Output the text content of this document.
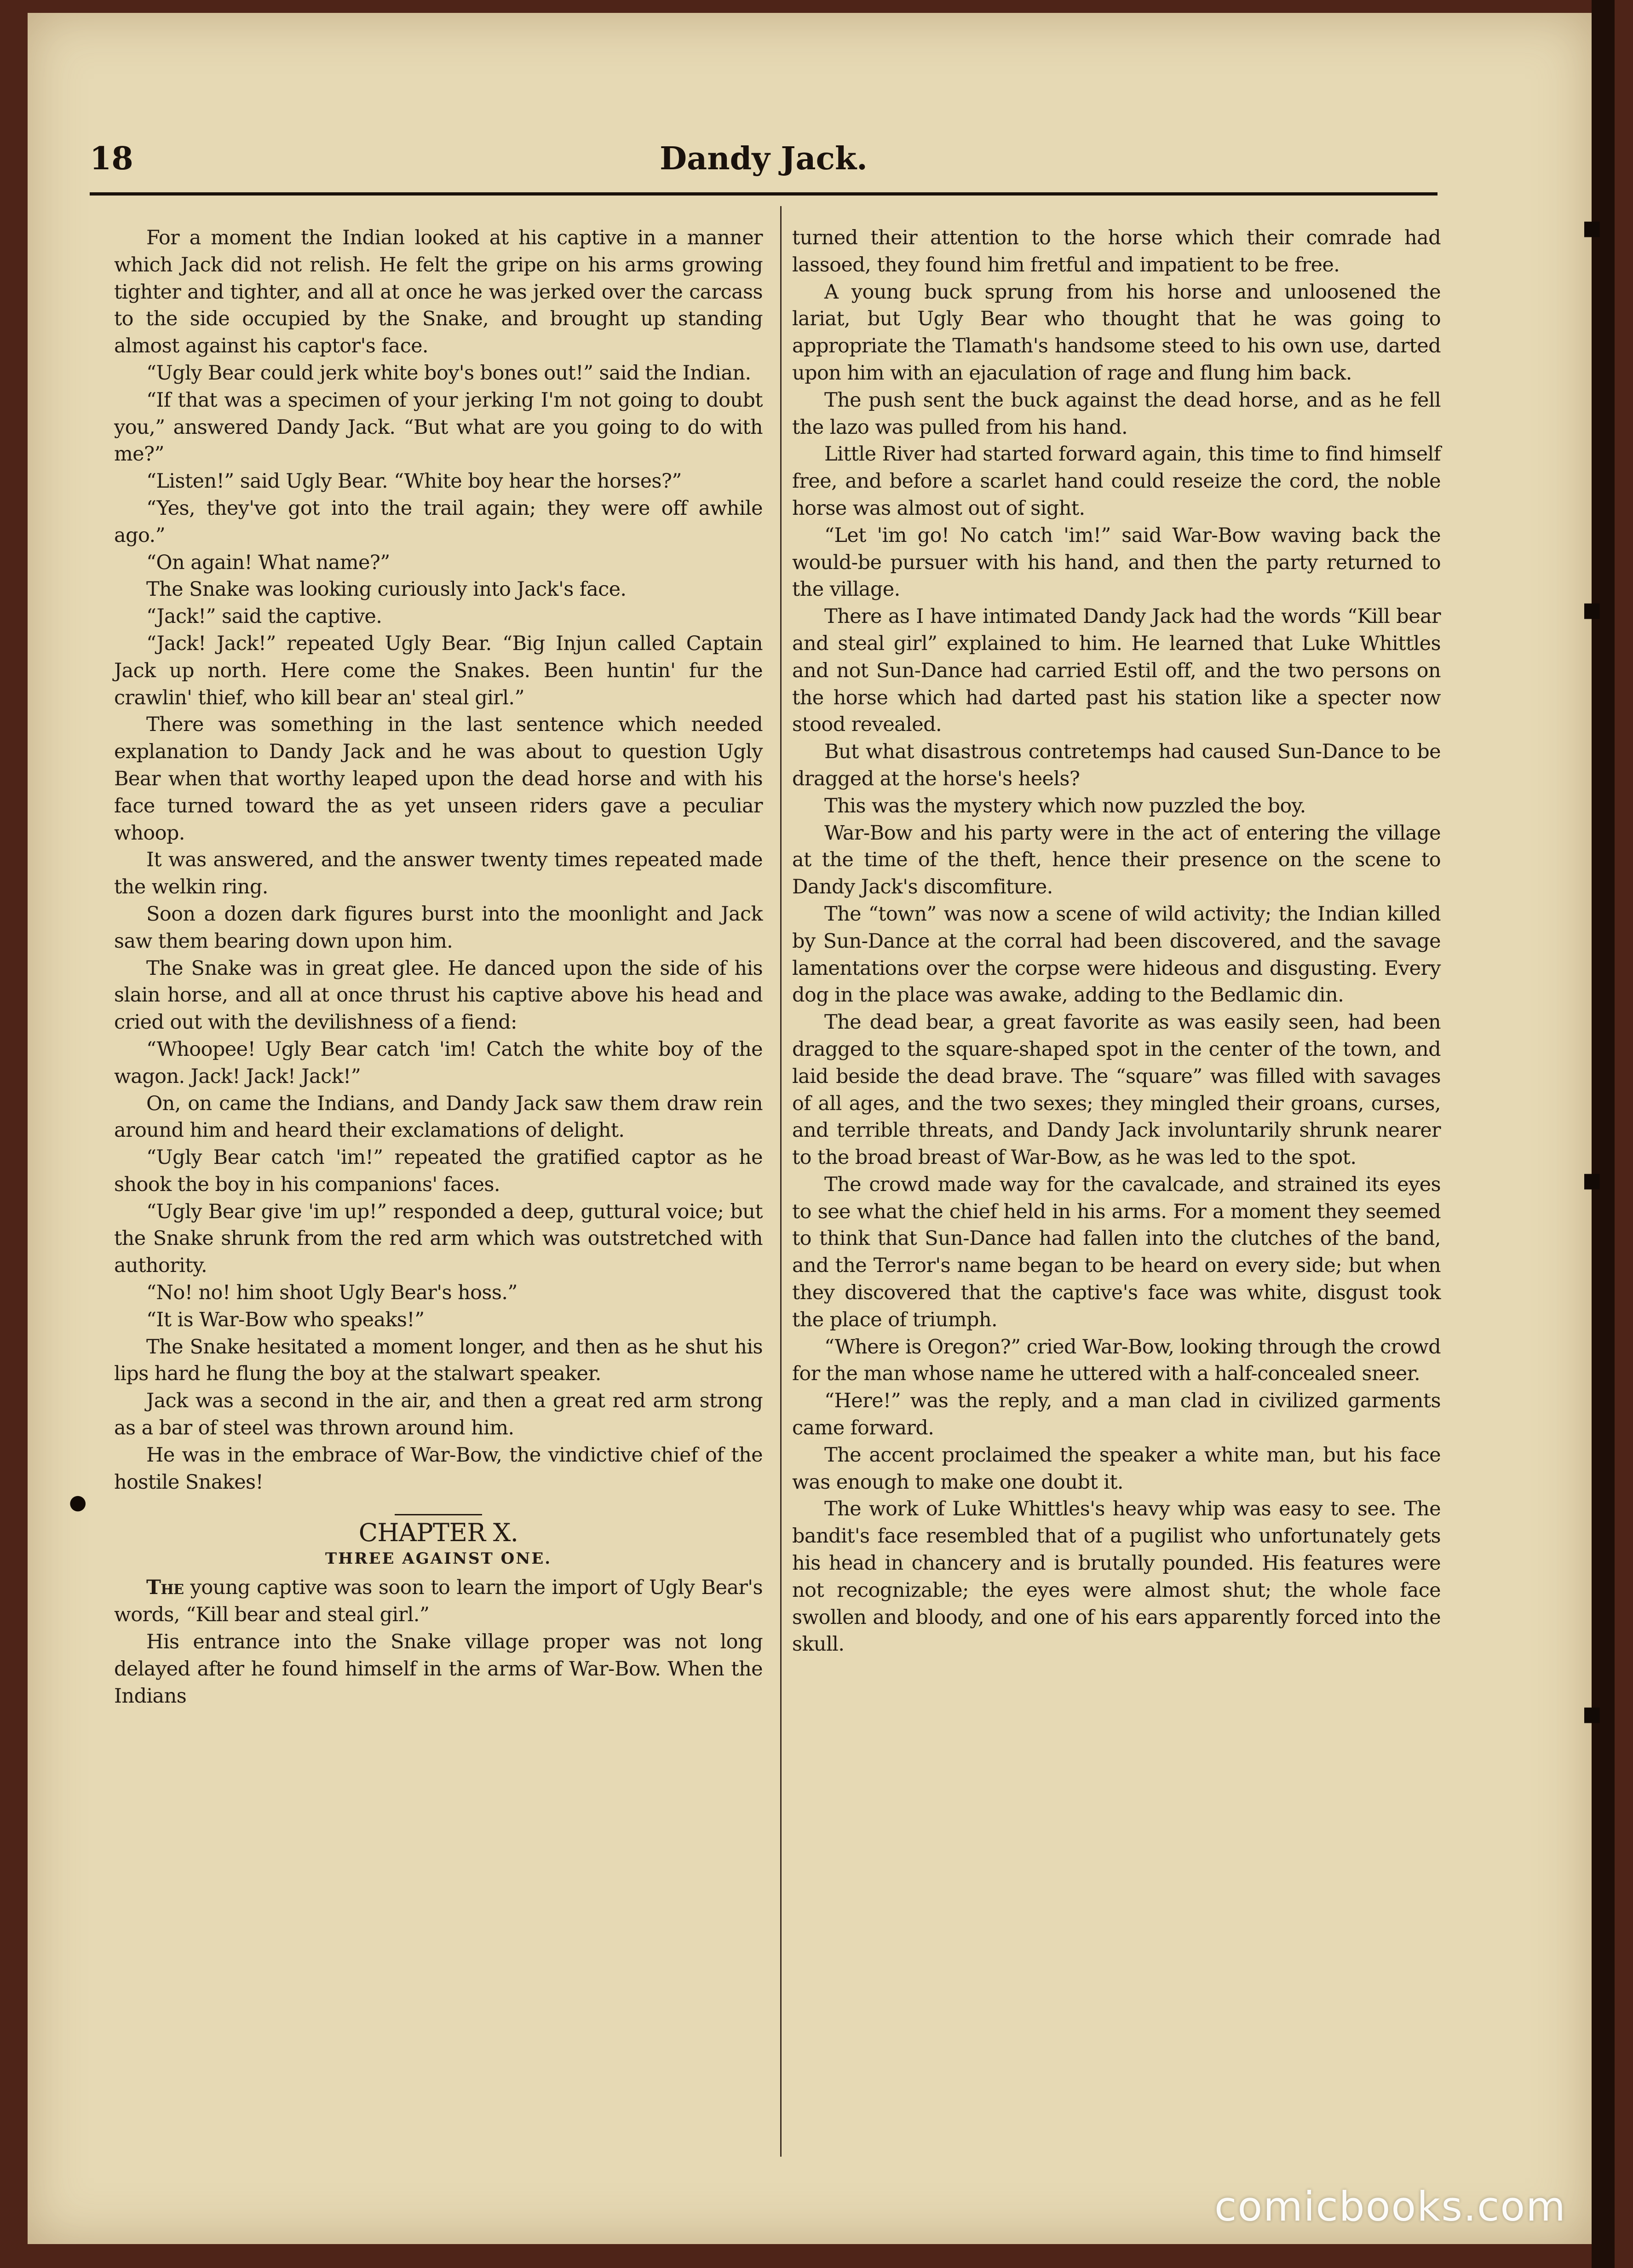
18	Dandy Jack.

For a moment the Indian looked at his captive in a manner which Jack did not relish. He felt the gripe on his arms growing tighter and tighter, and all at once he was jerked over the carcass to the side occupied by the Snake, and brought up standing almost against his captor's face.

“Ugly Bear could jerk white boy's bones out!” said the Indian.

“If that was a specimen of your jerking I'm not going to doubt you,” answered Dandy Jack. “But what are you going to do with me?”

“Listen!” said Ugly Bear. “White boy hear the horses?”

“Yes, they've got into the trail again; they were off awhile ago.”

“On again! What name?”

The Snake was looking curiously into Jack's face.

“Jack!” said the captive.

“Jack! Jack!” repeated Ugly Bear. “Big Injun called Captain Jack up north. Here come the Snakes. Been huntin' fur the crawlin' thief, who kill bear an' steal girl.”

There was something in the last sentence which needed explanation to Dandy Jack and he was about to question Ugly Bear when that worthy leaped upon the dead horse and with his face turned toward the as yet unseen riders gave a peculiar whoop.

It was answered, and the answer twenty times repeated made the welkin ring.

Soon a dozen dark figures burst into the moonlight and Jack saw them bearing down upon him.

The Snake was in great glee. He danced upon the side of his slain horse, and all at once thrust his captive above his head and cried out with the devilishness of a fiend:

“Whoopee! Ugly Bear catch 'im! Catch the white boy of the wagon. Jack! Jack! Jack!”

On, on came the Indians, and Dandy Jack saw them draw rein around him and heard their exclamations of delight.

“Ugly Bear catch 'im!” repeated the gratified captor as he shook the boy in his companions' faces.

“Ugly Bear give 'im up!” responded a deep, guttural voice; but the Snake shrunk from the red arm which was outstretched with authority.

“No! no! him shoot Ugly Bear's hoss.”

“It is War-Bow who speaks!”

The Snake hesitated a moment longer, and then as he shut his lips hard he flung the boy at the stalwart speaker.

Jack was a second in the air, and then a great red arm strong as a bar of steel was thrown around him.

He was in the embrace of War-Bow, the vindictive chief of the hostile Snakes!

CHAPTER X.
THREE AGAINST ONE.

The young captive was soon to learn the import of Ugly Bear's words, “Kill bear and steal girl.”

His entrance into the Snake village proper was not long delayed after he found himself in the arms of War-Bow. When the Indians

turned their attention to the horse which their comrade had lassoed, they found him fretful and impatient to be free.

A young buck sprung from his horse and unloosened the lariat, but Ugly Bear who thought that he was going to appropriate the Tlamath's handsome steed to his own use, darted upon him with an ejaculation of rage and flung him back.

The push sent the buck against the dead horse, and as he fell the lazo was pulled from his hand.

Little River had started forward again, this time to find himself free, and before a scarlet hand could reseize the cord, the noble horse was almost out of sight.

“Let 'im go! No catch 'im!” said War-Bow waving back the would-be pursuer with his hand, and then the party returned to the village.

There as I have intimated Dandy Jack had the words “Kill bear and steal girl” explained to him. He learned that Luke Whittles and not Sun-Dance had carried Estil off, and the two persons on the horse which had darted past his station like a specter now stood revealed.

But what disastrous contretemps had caused Sun-Dance to be dragged at the horse's heels?

This was the mystery which now puzzled the boy.

War-Bow and his party were in the act of entering the village at the time of the theft, hence their presence on the scene to Dandy Jack's discomfiture.

The “town” was now a scene of wild activity; the Indian killed by Sun-Dance at the corral had been discovered, and the savage lamentations over the corpse were hideous and disgusting. Every dog in the place was awake, adding to the Bedlamic din.

The dead bear, a great favorite as was easily seen, had been dragged to the square-shaped spot in the center of the town, and laid beside the dead brave. The “square” was filled with savages of all ages, and the two sexes; they mingled their groans, curses, and terrible threats, and Dandy Jack involuntarily shrunk nearer to the broad breast of War-Bow, as he was led to the spot.

The crowd made way for the cavalcade, and strained its eyes to see what the chief held in his arms. For a moment they seemed to think that Sun-Dance had fallen into the clutches of the band, and the Terror's name began to be heard on every side; but when they discovered that the captive's face was white, disgust took the place of triumph.

“Where is Oregon?” cried War-Bow, looking through the crowd for the man whose name he uttered with a half-concealed sneer.

“Here!” was the reply, and a man clad in civilized garments came forward.

The accent proclaimed the speaker a white man, but his face was enough to make one doubt it.

The work of Luke Whittles's heavy whip was easy to see. The bandit's face resembled that of a pugilist who unfortunately gets his head in chancery and is brutally pounded. His features were not recognizable; the eyes were almost shut; the whole face swollen and bloody, and one of his ears apparently forced into the skull.

■
■
■
■
●
comicbooks.com
